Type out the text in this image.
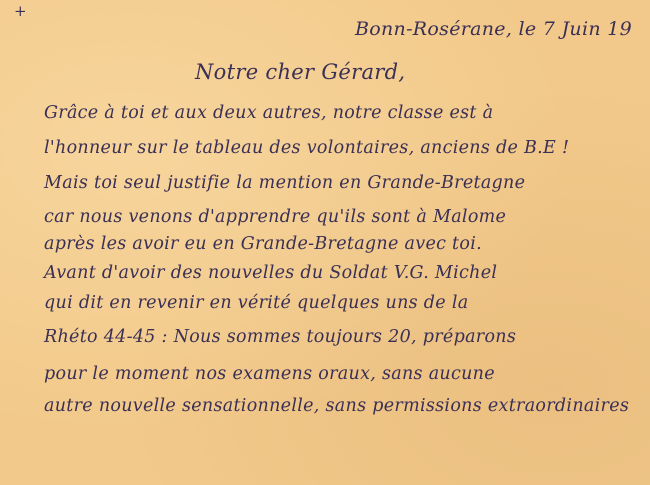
+
Bonn-Rosérane, le 7 Juin 19
Notre cher Gérard,
Grâce à toi et aux deux autres, notre classe est à
l'honneur sur le tableau des volontaires, anciens de B.E !
Mais toi seul justifie la mention en Grande-Bretagne
car nous venons d'apprendre qu'ils sont à Malome
après les avoir eu en Grande-Bretagne avec toi.
Avant d'avoir des nouvelles du Soldat V.G. Michel
qui dit en revenir en vérité quelques uns de la
Rhéto 44-45 : Nous sommes toujours 20, préparons
pour le moment nos examens oraux, sans aucune
autre nouvelle sensationnelle, sans permissions extraordinaires
